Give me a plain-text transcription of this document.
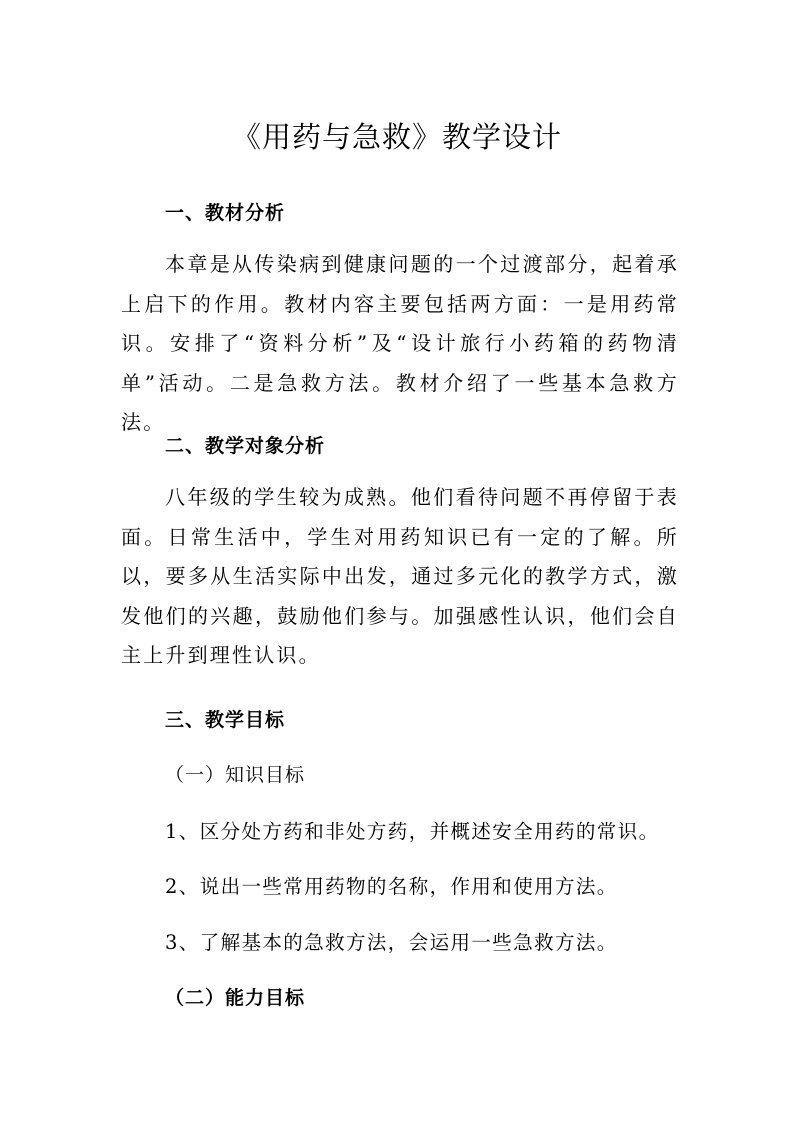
《用药与急救》教学设计
一、教材分析

本章是从传染病到健康问题的一个过渡部分，起着承上启下的作用。教材内容主要包括两方面：一是用药常识。安排了“资料分析”及“设计旅行小药箱的药物清单”活动。二是急救方法。教材介绍了一些基本急救方法。

二、教学对象分析

八年级的学生较为成熟。他们看待问题不再停留于表面。日常生活中，学生对用药知识已有一定的了解。所以，要多从生活实际中出发，通过多元化的教学方式，激发他们的兴趣，鼓励他们参与。加强感性认识，他们会自主上升到理性认识。

三、教学目标
（一）知识目标
1、区分处方药和非处方药，并概述安全用药的常识。
2、说出一些常用药物的名称，作用和使用方法。
3、了解基本的急救方法，会运用一些急救方法。
（二）能力目标
